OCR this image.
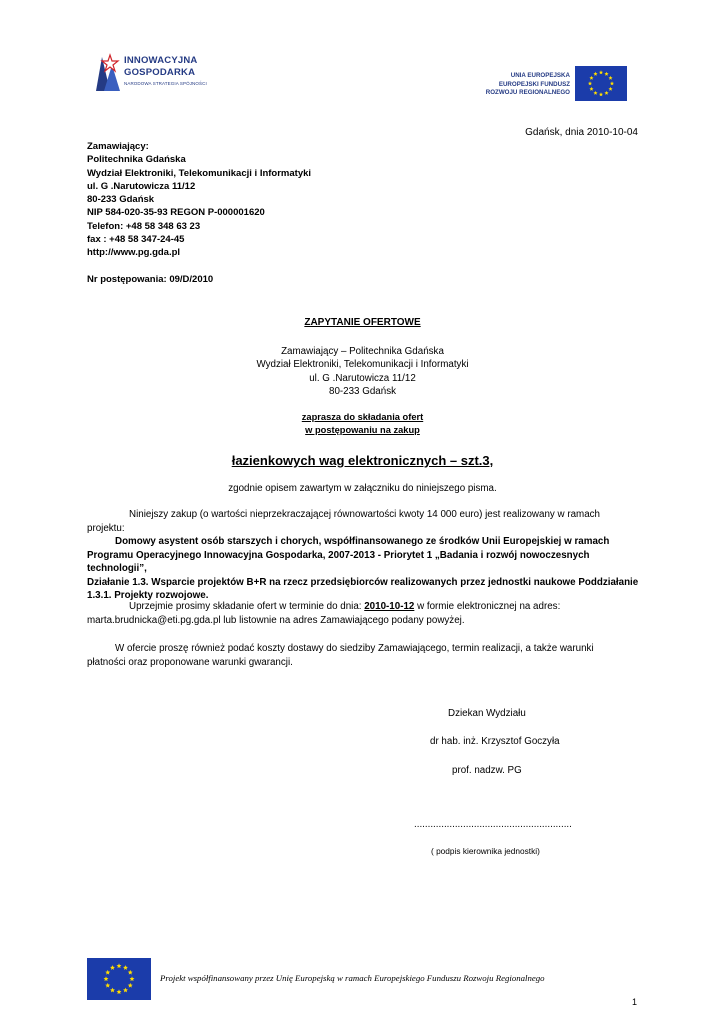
INNOWACYJNA
GOSPODARKA
NARODOWA STRATEGIA SPÓJNOŚCI
UNIA EUROPEJSKA
EUROPEJSKI FUNDUSZ
ROZWOJU REGIONALNEGO
Gdańsk, dnia 2010-10-04
Zamawiający:
Politechnika Gdańska
Wydział Elektroniki, Telekomunikacji i Informatyki
ul. G .Narutowicza 11/12
80-233 Gdańsk
NIP 584-020-35-93 REGON P-000001620
Telefon: +48 58 348 63 23
fax : +48 58 347-24-45
http://www.pg.gda.pl
Nr postępowania: 09/D/2010
ZAPYTANIE OFERTOWE
Zamawiający – Politechnika Gdańska
Wydział Elektroniki, Telekomunikacji i Informatyki
ul. G .Narutowicza 11/12
80-233 Gdańsk
zaprasza do składania ofert
w postępowaniu na zakup
łazienkowych wag elektronicznych – szt.3,
zgodnie opisem zawartym w załączniku do niniejszego pisma.
Niniejszy zakup (o wartości nieprzekraczającej równowartości kwoty 14 000 euro) jest realizowany w ramach
projektu:
Domowy asystent osób starszych i chorych, współfinansowanego ze środków Unii Europejskiej w ramach
Programu Operacyjnego Innowacyjna Gospodarka, 2007-2013 - Priorytet 1 „Badania i rozwój nowoczesnych technologii”,
Działanie 1.3. Wsparcie projektów B+R na rzecz przedsiębiorców realizowanych przez jednostki naukowe Poddziałanie
1.3.1. Projekty rozwojowe.
Uprzejmie prosimy składanie ofert w terminie do dnia: 2010-10-12 w formie elektronicznej na adres:
marta.brudnicka@eti.pg.gda.pl lub listownie na adres Zamawiającego podany powyżej.
W ofercie proszę również podać koszty dostawy do siedziby Zamawiającego, termin realizacji, a także warunki
płatności oraz proponowane warunki gwarancji.
Dziekan Wydziału
dr hab. inż. Krzysztof Goczyła
prof. nadzw. PG
..........................................................
( podpis kierownika jednostki)
Projekt współfinansowany przez Unię Europejską w ramach Europejskiego Funduszu Rozwoju Regionalnego
1
